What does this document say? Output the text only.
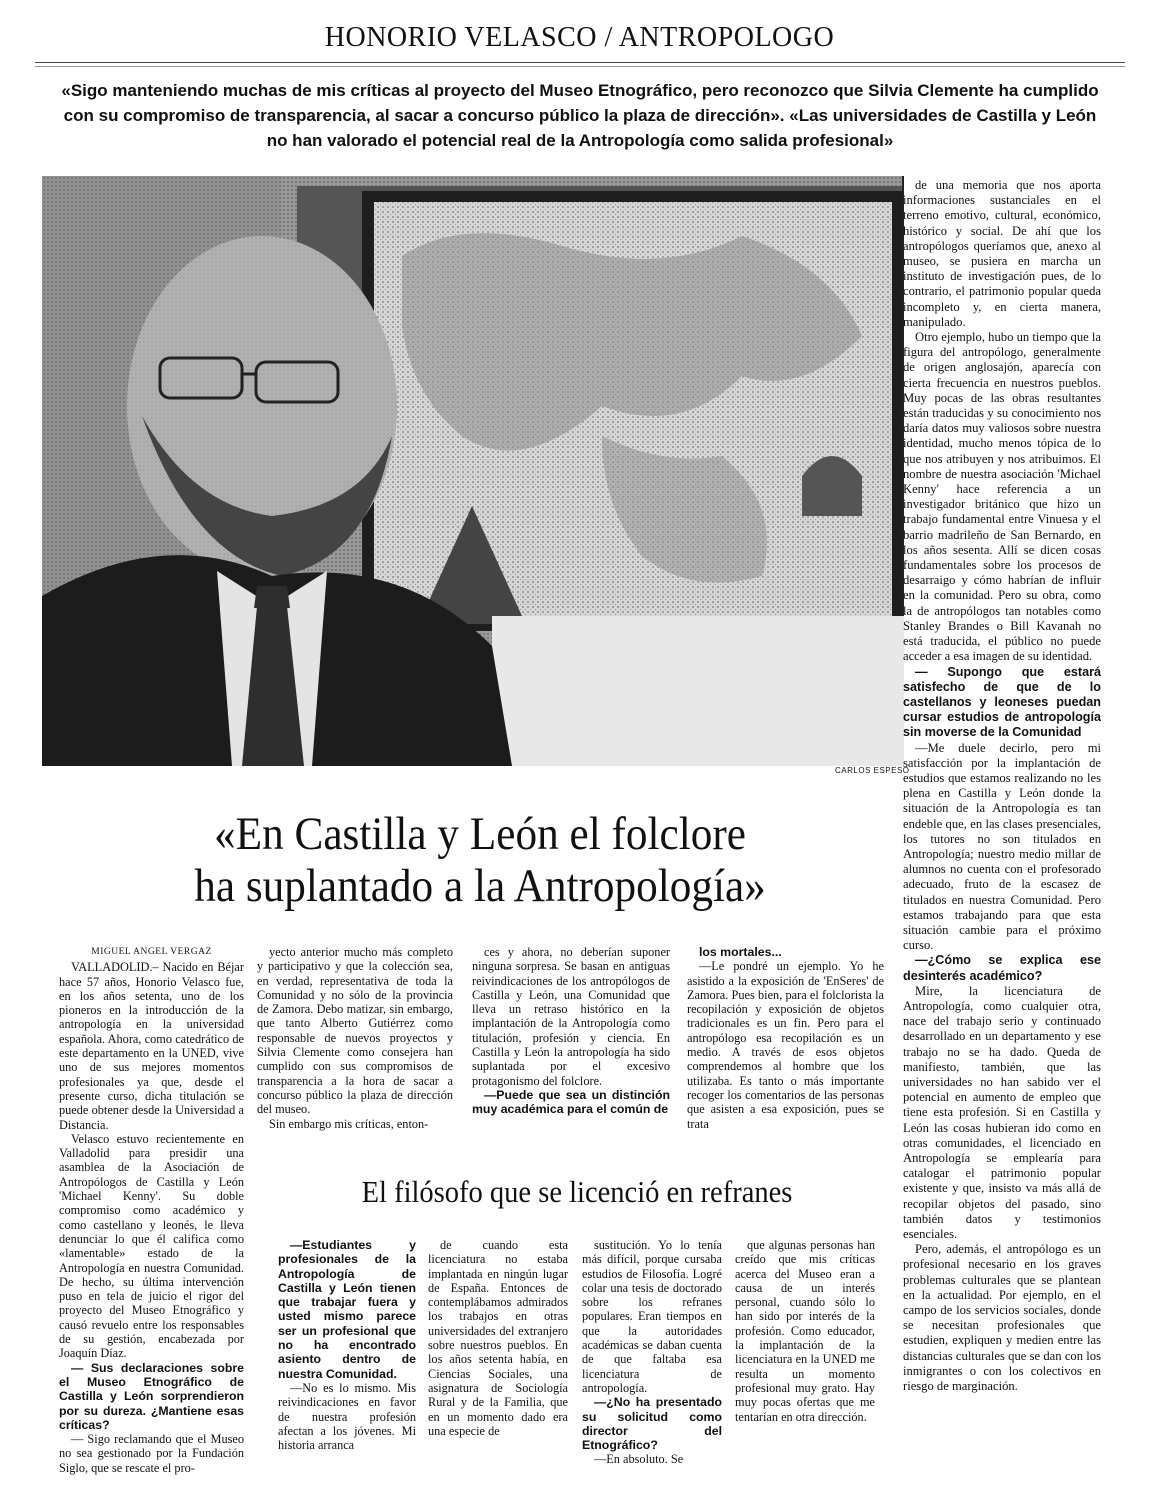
HONORIO VELASCO / ANTROPOLOGO
«Sigo manteniendo muchas de mis críticas al proyecto del Museo Etnográfico, pero reconozco que Silvia Clemente ha cumplido con su compromiso de transparencia, al sacar a concurso público la plaza de dirección». «Las universidades de Castilla y León no han valorado el potencial real de la Antropología como salida profesional»
CARLOS ESPESO
«En Castilla y León el folclore
ha suplantado a la Antropología»
MIGUEL ANGEL VERGAZ

VALLADOLID.– Nacido en Béjar hace 57 años, Honorio Velasco fue, en los años setenta, uno de los pioneros en la introducción de la antropología en la universidad española. Ahora, como catedrático de este departamento en la UNED, vive uno de sus mejores momentos profesionales ya que, desde el presente curso, dicha titulación se puede obtener desde la Universidad a Distancia.

Velasco estuvo recientemente en Valladolid para presidir una asamblea de la Asociación de Antropólogos de Castilla y León 'Michael Kenny'. Su doble compromiso como académico y como castellano y leonés, le lleva denunciar lo que él califica como «lamentable» estado de la Antropología en nuestra Comunidad. De hecho, su última intervención puso en tela de juicio el rigor del proyecto del Museo Etnográfico y causó revuelo entre los responsables de su gestión, encabezada por Joaquín Díaz.

— Sus declaraciones sobre el Museo Etnográfico de Castilla y León sorprendieron por su dureza. ¿Mantiene esas críticas?

— Sigo reclamando que el Museo no sea gestionado por la Fundación Siglo, que se rescate el pro-

yecto anterior mucho más completo y participativo y que la colección sea, en verdad, representativa de toda la Comunidad y no sólo de la provincia de Zamora. Debo matizar, sin embargo, que tanto Alberto Gutiérrez como responsable de nuevos proyectos y Silvia Clemente como consejera han cumplido con sus compromisos de transparencia a la hora de sacar a concurso público la plaza de dirección del museo.

Sin embargo mis críticas, enton-

ces y ahora, no deberían suponer ninguna sorpresa. Se basan en antiguas reivindicaciones de los antropólogos de Castilla y León, una Comunidad que lleva un retraso histórico en la implantación de la Antropología como titulación, profesión y ciencia. En Castilla y León la antropología ha sido suplantada por el excesivo protagonismo del folclore.

—Puede que sea un distinción muy académica para el común de

los mortales...

—Le pondré un ejemplo. Yo he asistido a la exposición de 'EnSeres' de Zamora. Pues bien, para el folclorista la recopilación y exposición de objetos tradicionales es un fin. Pero para el antropólogo esa recopilación es un medio. A través de esos objetos comprendemos al hombre que los utilizaba. Es tanto o más importante recoger los comentarios de las personas que asisten a esa exposición, pues se trata

de una memoria que nos aporta informaciones sustanciales en el terreno emotivo, cultural, económico, histórico y social. De ahí que los antropólogos queríamos que, anexo al museo, se pusiera en marcha un instituto de investigación pues, de lo contrario, el patrimonio popular queda incompleto y, en cierta manera, manipulado.

Otro ejemplo, hubo un tiempo que la figura del antropólogo, generalmente de origen anglosajón, aparecía con cierta frecuencia en nuestros pueblos. Muy pocas de las obras resultantes están traducidas y su conocimiento nos daría datos muy valiosos sobre nuestra identidad, mucho menos tópica de lo que nos atribuyen y nos atribuimos. El nombre de nuestra asociación 'Michael Kenny' hace referencia a un investigador británico que hizo un trabajo fundamental entre Vinuesa y el barrio madrileño de San Bernardo, en los años sesenta. Allí se dicen cosas fundamentales sobre los procesos de desarraigo y cómo habrían de influir en la comunidad. Pero su obra, como la de antropólogos tan notables como Stanley Brandes o Bill Kavanah no está traducida, el público no puede acceder a esa imagen de su identidad.

— Supongo que estará satisfecho de que de lo castellanos y leoneses puedan cursar estudios de antropología sin moverse de la Comunidad

—Me duele decirlo, pero mi satisfacción por la implantación de estudios que estamos realizando no les plena en Castilla y León donde la situación de la Antropología es tan endeble que, en las clases presenciales, los tutores no son titulados en Antropología; nuestro medio millar de alumnos no cuenta con el profesorado adecuado, fruto de la escasez de titulados en nuestra Comunidad. Pero estamos trabajando para que esta situación cambie para el próximo curso.

—¿Cómo se explica ese desinterés académico?

Mire, la licenciatura de Antropología, como cualquier otra, nace del trabajo serio y continuado desarrollado en un departamento y ese trabajo no se ha dado. Queda de manifiesto, también, que las universidades no han sabido ver el potencial en aumento de empleo que tiene esta profesión. Si en Castilla y León las cosas hubieran ido como en otras comunidades, el licenciado en Antropología se emplearía para catalogar el patrimonio popular existente y que, insisto va más allá de recopilar objetos del pasado, sino también datos y testimonios esenciales.

Pero, además, el antropólogo es un profesional necesario en los graves problemas culturales que se plantean en la actualidad. Por ejemplo, en el campo de los servicios sociales, donde se necesitan profesionales que estudien, expliquen y medien entre las distancias culturales que se dan con los inmigrantes o con los colectivos en riesgo de marginación.

El filósofo que se licenció en refranes

—Estudiantes y profesionales de la Antropología de Castilla y León tienen que trabajar fuera y usted mismo parece ser un profesional que no ha encontrado asiento dentro de nuestra Comunidad.

—No es lo mismo. Mis reivindicaciones en favor de nuestra profesión afectan a los jóvenes. Mi historia arranca

de cuando esta licenciatura no estaba implantada en ningún lugar de España. Entonces de contemplábamos admirados los trabajos en otras universidades del extranjero sobre nuestros pueblos. En los años setenta había, en Ciencias Sociales, una asignatura de Sociología Rural y de la Familia, que en un momento dado era una especie de

sustitución. Yo lo tenía más difícil, porque cursaba estudios de Filosofía. Logré colar una tesis de doctorado sobre los refranes populares. Eran tiempos en que la autoridades académicas se daban cuenta de que faltaba esa licenciatura de antropología.

—¿No ha presentado su solicitud como director del Etnográfico?

—En absoluto. Se

que algunas personas han creído que mis críticas acerca del Museo eran a causa de un interés personal, cuando sólo lo han sido por interés de la profesión. Como educador, la implantación de la licenciatura en la UNED me resulta un momento profesional muy grato. Hay muy pocas ofertas que me tentarían en otra dirección.
